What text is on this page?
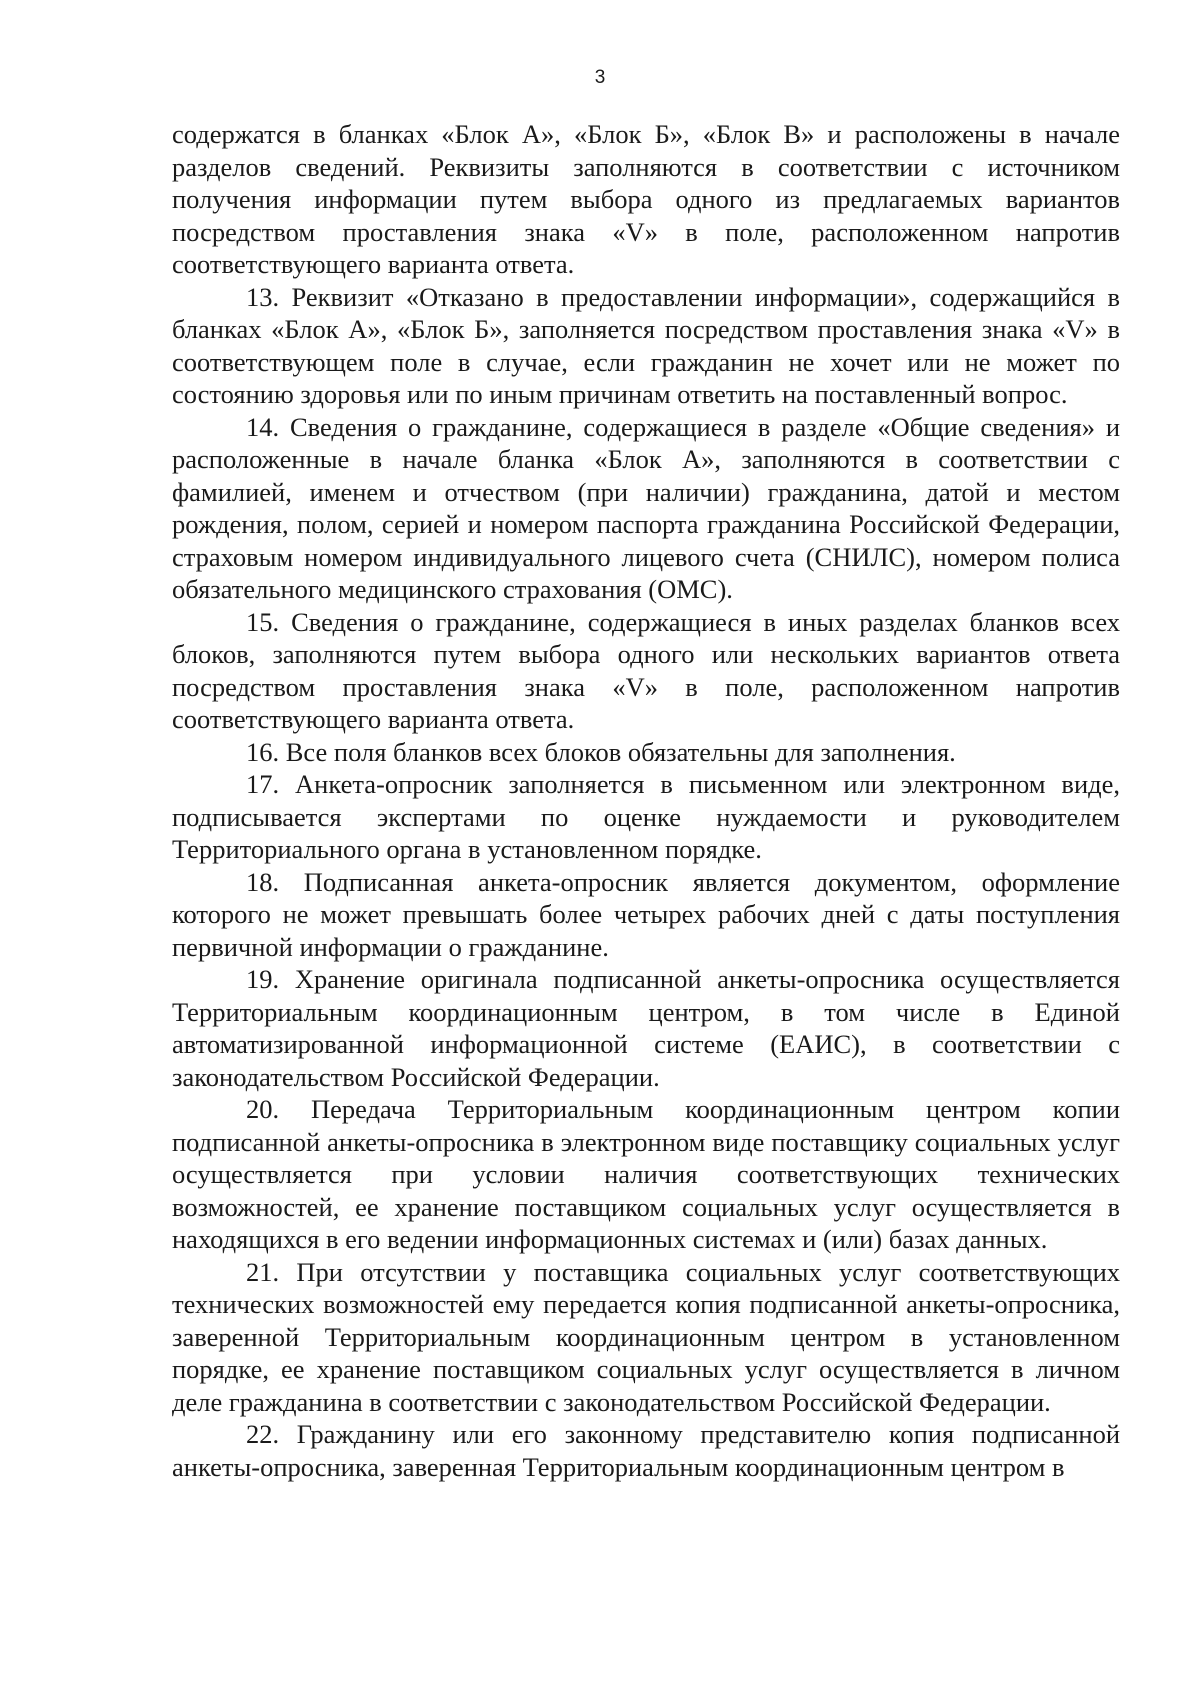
3

содержатся в бланках «Блок А», «Блок Б», «Блок В» и расположены в начале разделов сведений. Реквизиты заполняются в соответствии с источником получения информации путем выбора одного из предлагаемых вариантов посредством проставления знака «V» в поле, расположенном напротив соответствующего варианта ответа.

13. Реквизит «Отказано в предоставлении информации», содержащийся в бланках «Блок А», «Блок Б», заполняется посредством проставления знака «V» в соответствующем поле в случае, если гражданин не хочет или не может по состоянию здоровья или по иным причинам ответить на поставленный вопрос.

14. Сведения о гражданине, содержащиеся в разделе «Общие сведения» и расположенные в начале бланка «Блок А», заполняются в соответствии с фамилией, именем и отчеством (при наличии) гражданина, датой и местом рождения, полом, серией и номером паспорта гражданина Российской Федерации, страховым номером индивидуального лицевого счета (СНИЛС), номером полиса обязательного медицинского страхования (ОМС).

15. Сведения о гражданине, содержащиеся в иных разделах бланков всех блоков, заполняются путем выбора одного или нескольких вариантов ответа посредством проставления знака «V» в поле, расположенном напротив соответствующего варианта ответа.

16. Все поля бланков всех блоков обязательны для заполнения.

17. Анкета-опросник заполняется в письменном или электронном виде, подписывается экспертами по оценке нуждаемости и руководителем Территориального органа в установленном порядке.

18. Подписанная анкета-опросник является документом, оформление которого не может превышать более четырех рабочих дней с даты поступления первичной информации о гражданине.

19. Хранение оригинала подписанной анкеты-опросника осуществляется Территориальным координационным центром, в том числе в Единой автоматизированной информационной системе (ЕАИС), в соответствии с законодательством Российской Федерации.

20. Передача Территориальным координационным центром копии подписанной анкеты-опросника в электронном виде поставщику социальных услуг осуществляется при условии наличия соответствующих технических возможностей, ее хранение поставщиком социальных услуг осуществляется в находящихся в его ведении информационных системах и (или) базах данных.

21. При отсутствии у поставщика социальных услуг соответствующих технических возможностей ему передается копия подписанной анкеты-опросника, заверенной Территориальным координационным центром в установленном порядке, ее хранение поставщиком социальных услуг осуществляется в личном деле гражданина в соответствии с законодательством Российской Федерации.

22. Гражданину или его законному представителю копия подписанной анкеты-опросника, заверенная Территориальным координационным центром в
